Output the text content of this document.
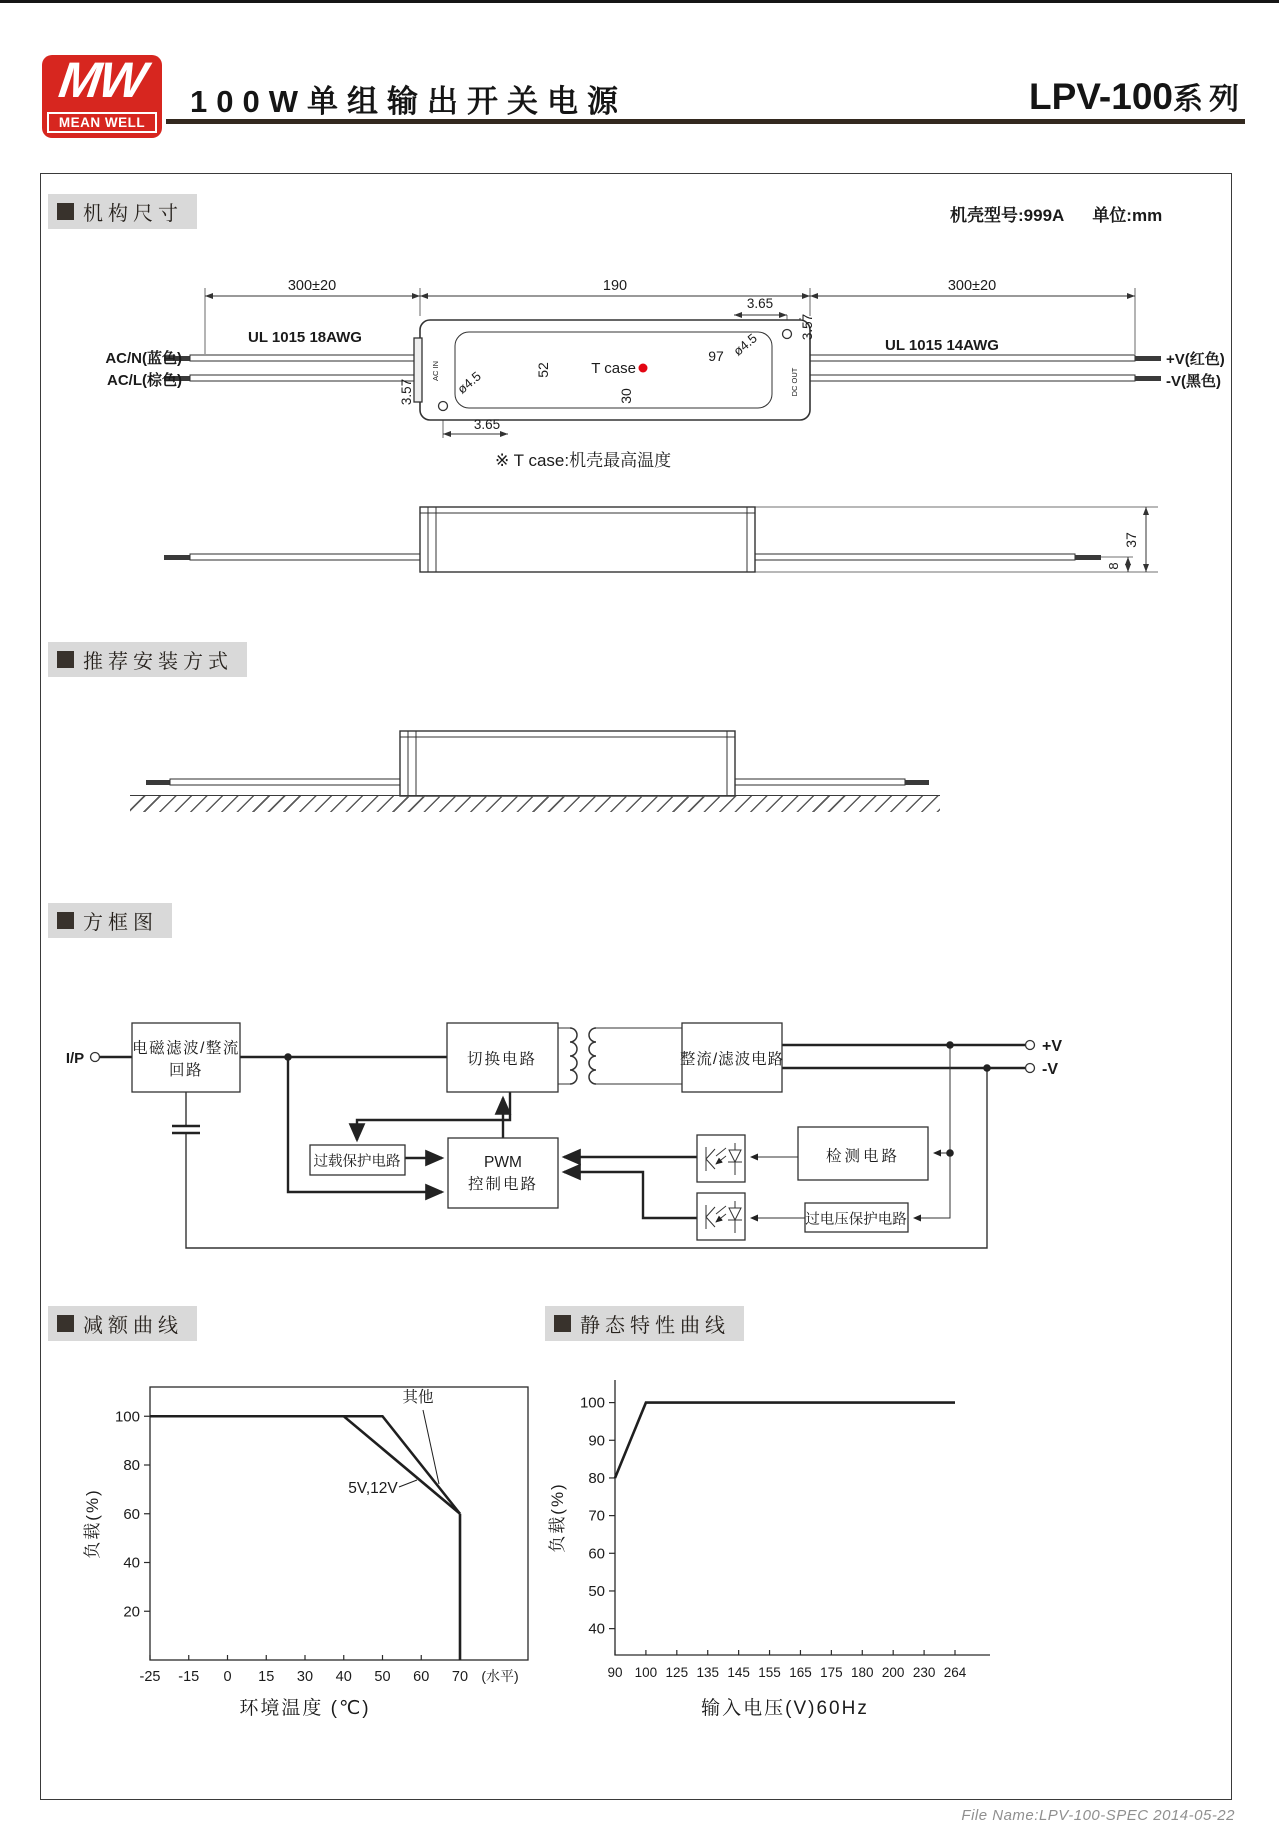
MW
MEAN WELL
100W单组输出开关电源	LPV-100系列
机构尺寸	机壳型号:999A 单位:mm
300±20	190	300±20
AC/N(蓝色)
AC/L(棕色)
UL 1015 18AWG	UL 1015 14AWG
+V(红色)
-V(黑色)
AC IN	DC OUT
52	T case
97
30
3.65
3.57
ø4.5
3.57	ø4.5
3.65
※ T case:机壳最高温度
37
8
推荐安装方式
方框图
I/P
电磁滤波/整流
回路
切换电路	整流/滤波电路
过载保护电路	PWM
控制电路
检测电路
过电压保护电路
+V
-V
减额曲线	静态特性曲线
20
40
60
80
100
-25 -15 0 15 30 40 50 60 70 (水平)
其他
5V,12V
负载(%)
环境温度 (℃)
40
50
60
70
80
90
100
90 100 125 135 145 155 165 175 180 200 230 264
负载(%)
输入电压(V)60Hz
File Name:LPV-100-SPEC 2014-05-22
